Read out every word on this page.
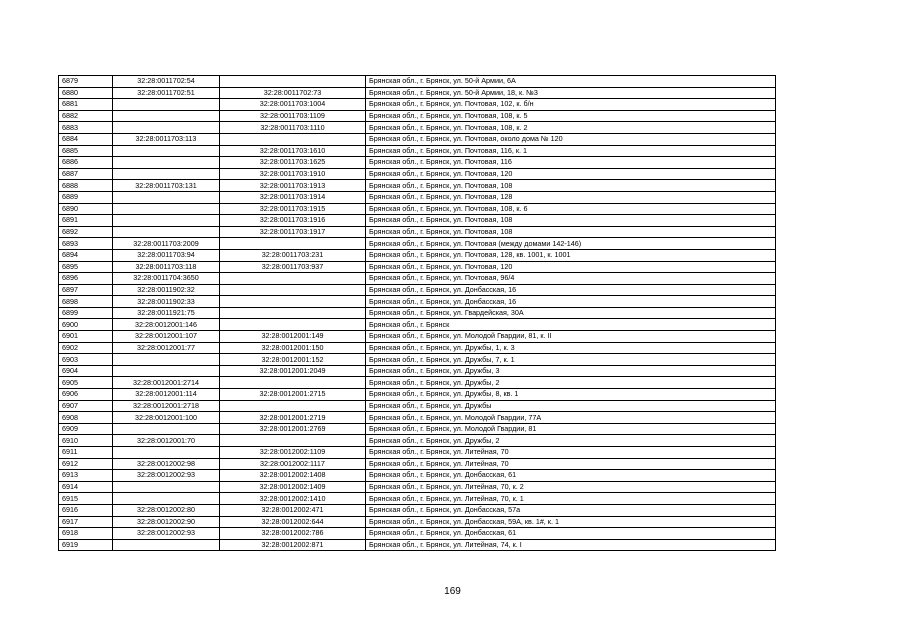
6879	32:28:0011702:54		Брянская обл., г. Брянск, ул. 50-й Армии, 6А
6880	32:28:0011702:51	32:28:0011702:73	Брянская обл., г. Брянск, ул. 50-й Армии, 18, к. №3
6881		32:28:0011703:1004	Брянская обл., г. Брянск, ул. Почтовая, 102, к. б/н
6882		32:28:0011703:1109	Брянская обл., г. Брянск, ул. Почтовая, 108, к. 5
6883		32:28:0011703:1110	Брянская обл., г. Брянск, ул. Почтовая, 108, к. 2
6884	32:28:0011703:113		Брянская обл., г. Брянск, ул. Почтовая, около дома № 120
6885		32:28:0011703:1610	Брянская обл., г. Брянск, ул. Почтовая, 116, к. 1
6886		32:28:0011703:1625	Брянская обл., г. Брянск, ул. Почтовая, 116
6887		32:28:0011703:1910	Брянская обл., г. Брянск, ул. Почтовая, 120
6888	32:28:0011703:131	32:28:0011703:1913	Брянская обл., г. Брянск, ул. Почтовая, 108
6889		32:28:0011703:1914	Брянская обл., г. Брянск, ул. Почтовая, 128
6890		32:28:0011703:1915	Брянская обл., г. Брянск, ул. Почтовая, 108, к. 6
6891		32:28:0011703:1916	Брянская обл., г. Брянск, ул. Почтовая, 108
6892		32:28:0011703:1917	Брянская обл., г. Брянск, ул. Почтовая, 108
6893	32:28:0011703:2009		Брянская обл., г. Брянск, ул. Почтовая (между домами 142-146)
6894	32:28:0011703:94	32:28:0011703:231	Брянская обл., г. Брянск, ул. Почтовая, 128, кв. 1001, к. 1001
6895	32:28:0011703:118	32:28:0011703:937	Брянская обл., г. Брянск, ул. Почтовая, 120
6896	32:28:0011704:3650		Брянская обл., г. Брянск, ул. Почтовая, 96/4
6897	32:28:0011902:32		Брянская обл., г. Брянск, ул. Донбасская, 16
6898	32:28:0011902:33		Брянская обл., г. Брянск, ул. Донбасская, 16
6899	32:28:0011921:75		Брянская обл., г. Брянск, ул. Гвардейская, 30А
6900	32:28:0012001:146		Брянская обл., г. Брянск
6901	32:28:0012001:107	32:28:0012001:149	Брянская обл., г. Брянск, ул. Молодой Гвардии, 81, к. II
6902	32:28:0012001:77	32:28:0012001:150	Брянская обл., г. Брянск, ул. Дружбы, 1, к. 3
6903		32:28:0012001:152	Брянская обл., г. Брянск, ул. Дружбы, 7, к. 1
6904		32:28:0012001:2049	Брянская обл., г. Брянск, ул. Дружбы, 3
6905	32:28:0012001:2714		Брянская обл., г. Брянск, ул. Дружбы, 2
6906	32:28:0012001:114	32:28:0012001:2715	Брянская обл., г. Брянск, ул. Дружбы, 8, кв. 1
6907	32:28:0012001:2718		Брянская обл., г. Брянск, ул. Дружбы
6908	32:28:0012001:100	32:28:0012001:2719	Брянская обл., г. Брянск, ул. Молодой Гвардии, 77А
6909		32:28:0012001:2769	Брянская обл., г. Брянск, ул. Молодой Гвардии, 81
6910	32:28:0012001:70		Брянская обл., г. Брянск, ул. Дружбы, 2
6911		32:28:0012002:1109	Брянская обл., г. Брянск, ул. Литейная, 70
6912	32:28:0012002:98	32:28:0012002:1117	Брянская обл., г. Брянск, ул. Литейная, 70
6913	32:28:0012002:93	32:28:0012002:1408	Брянская обл., г. Брянск, ул. Донбасская, 61
6914		32:28:0012002:1409	Брянская обл., г. Брянск, ул. Литейная, 70, к. 2
6915		32:28:0012002:1410	Брянская обл., г. Брянск, ул. Литейная, 70, к. 1
6916	32:28:0012002:80	32:28:0012002:471	Брянская обл., г. Брянск, ул. Донбасская, 57а
6917	32:28:0012002:90	32:28:0012002:644	Брянская обл., г. Брянск, ул. Донбасская, 59А, кв. 1#, к. 1
6918	32:28:0012002:93	32:28:0012002:786	Брянская обл., г. Брянск, ул. Донбасская, 61
6919		32:28:0012002:871	Брянская обл., г. Брянск, ул. Литейная, 74, к. I
169
